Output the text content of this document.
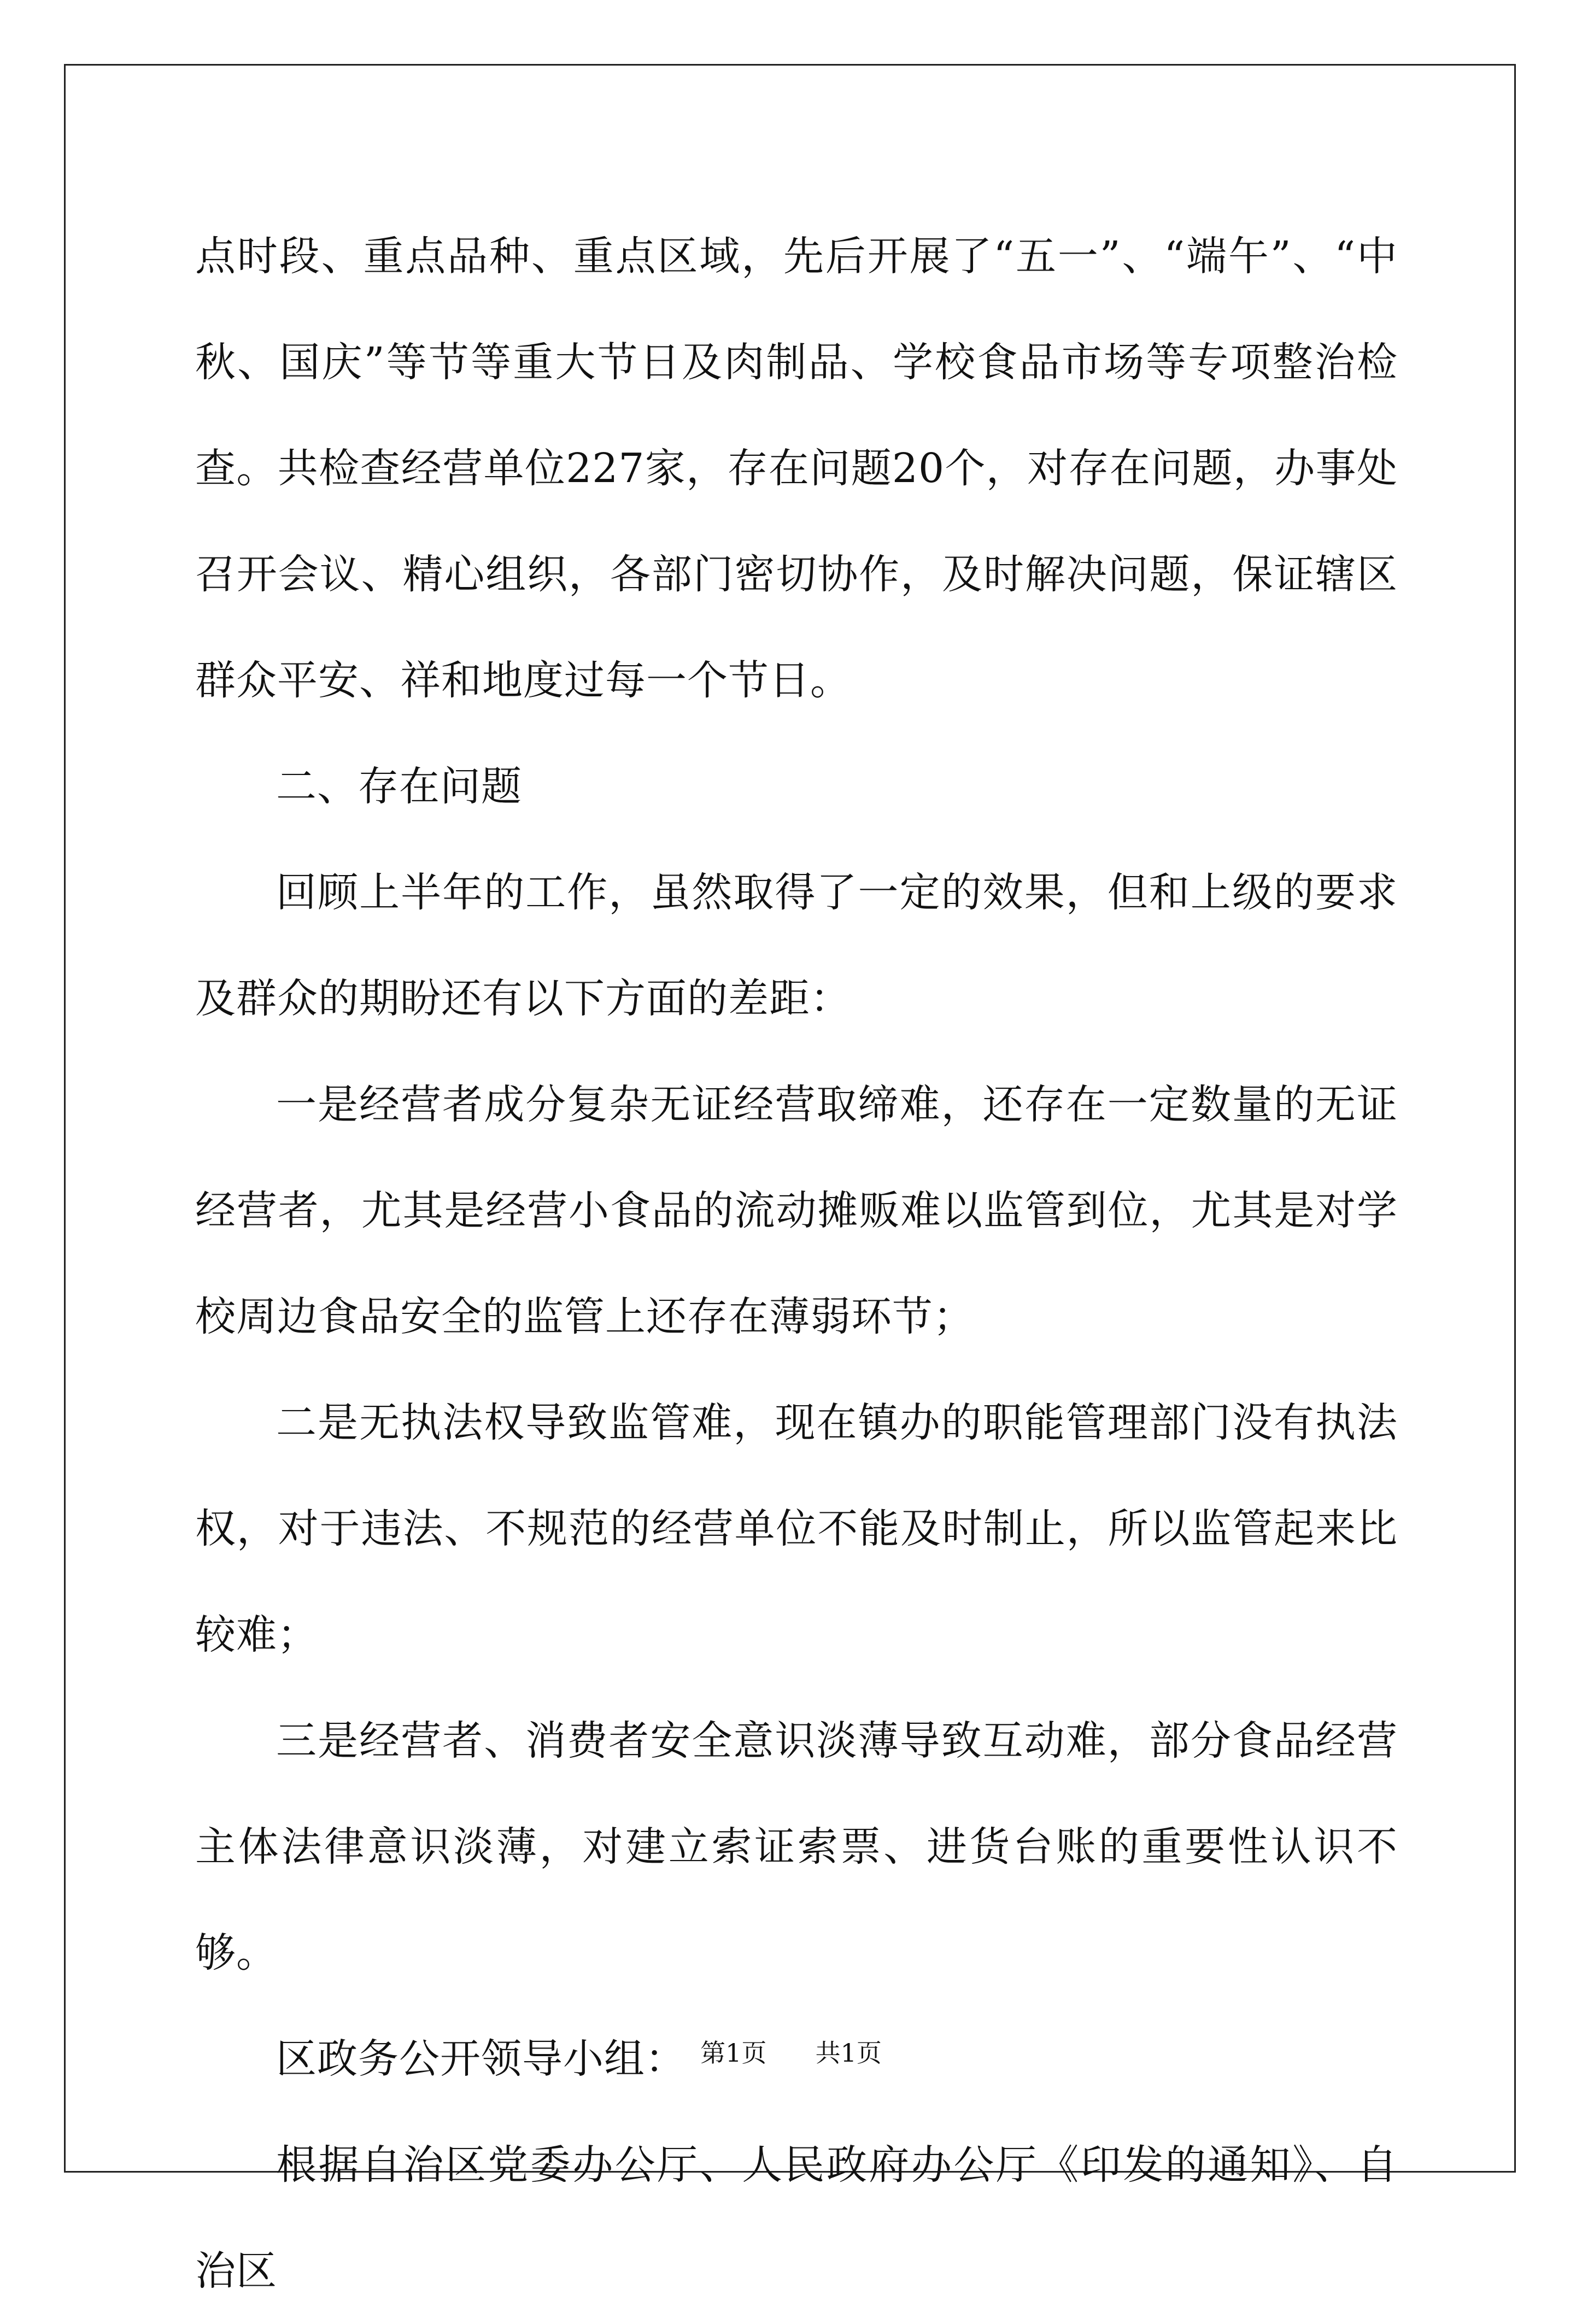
点时段、重点品种、重点区域，先后开展了“五一”、“端午”、“中秋、国庆”等节等重大节日及肉制品、学校食品市场等专项整治检查。共检查经营单位227家，存在问题20个，对存在问题，办事处召开会议、精心组织，各部门密切协作，及时解决问题，保证辖区群众平安、祥和地度过每一个节日。

二、存在问题

回顾上半年的工作，虽然取得了一定的效果，但和上级的要求及群众的期盼还有以下方面的差距：

一是经营者成分复杂无证经营取缔难，还存在一定数量的无证经营者，尤其是经营小食品的流动摊贩难以监管到位，尤其是对学校周边食品安全的监管上还存在薄弱环节；

二是无执法权导致监管难，现在镇办的职能管理部门没有执法权，对于违法、不规范的经营单位不能及时制止，所以监管起来比较难；

三是经营者、消费者安全意识淡薄导致互动难，部分食品经营主体法律意识淡薄，对建立索证索票、进货台账的重要性认识不够。

区政务公开领导小组：

根据自治区党委办公厅、人民政府办公厅《印发的通知》、自治区

第1页 共1页
